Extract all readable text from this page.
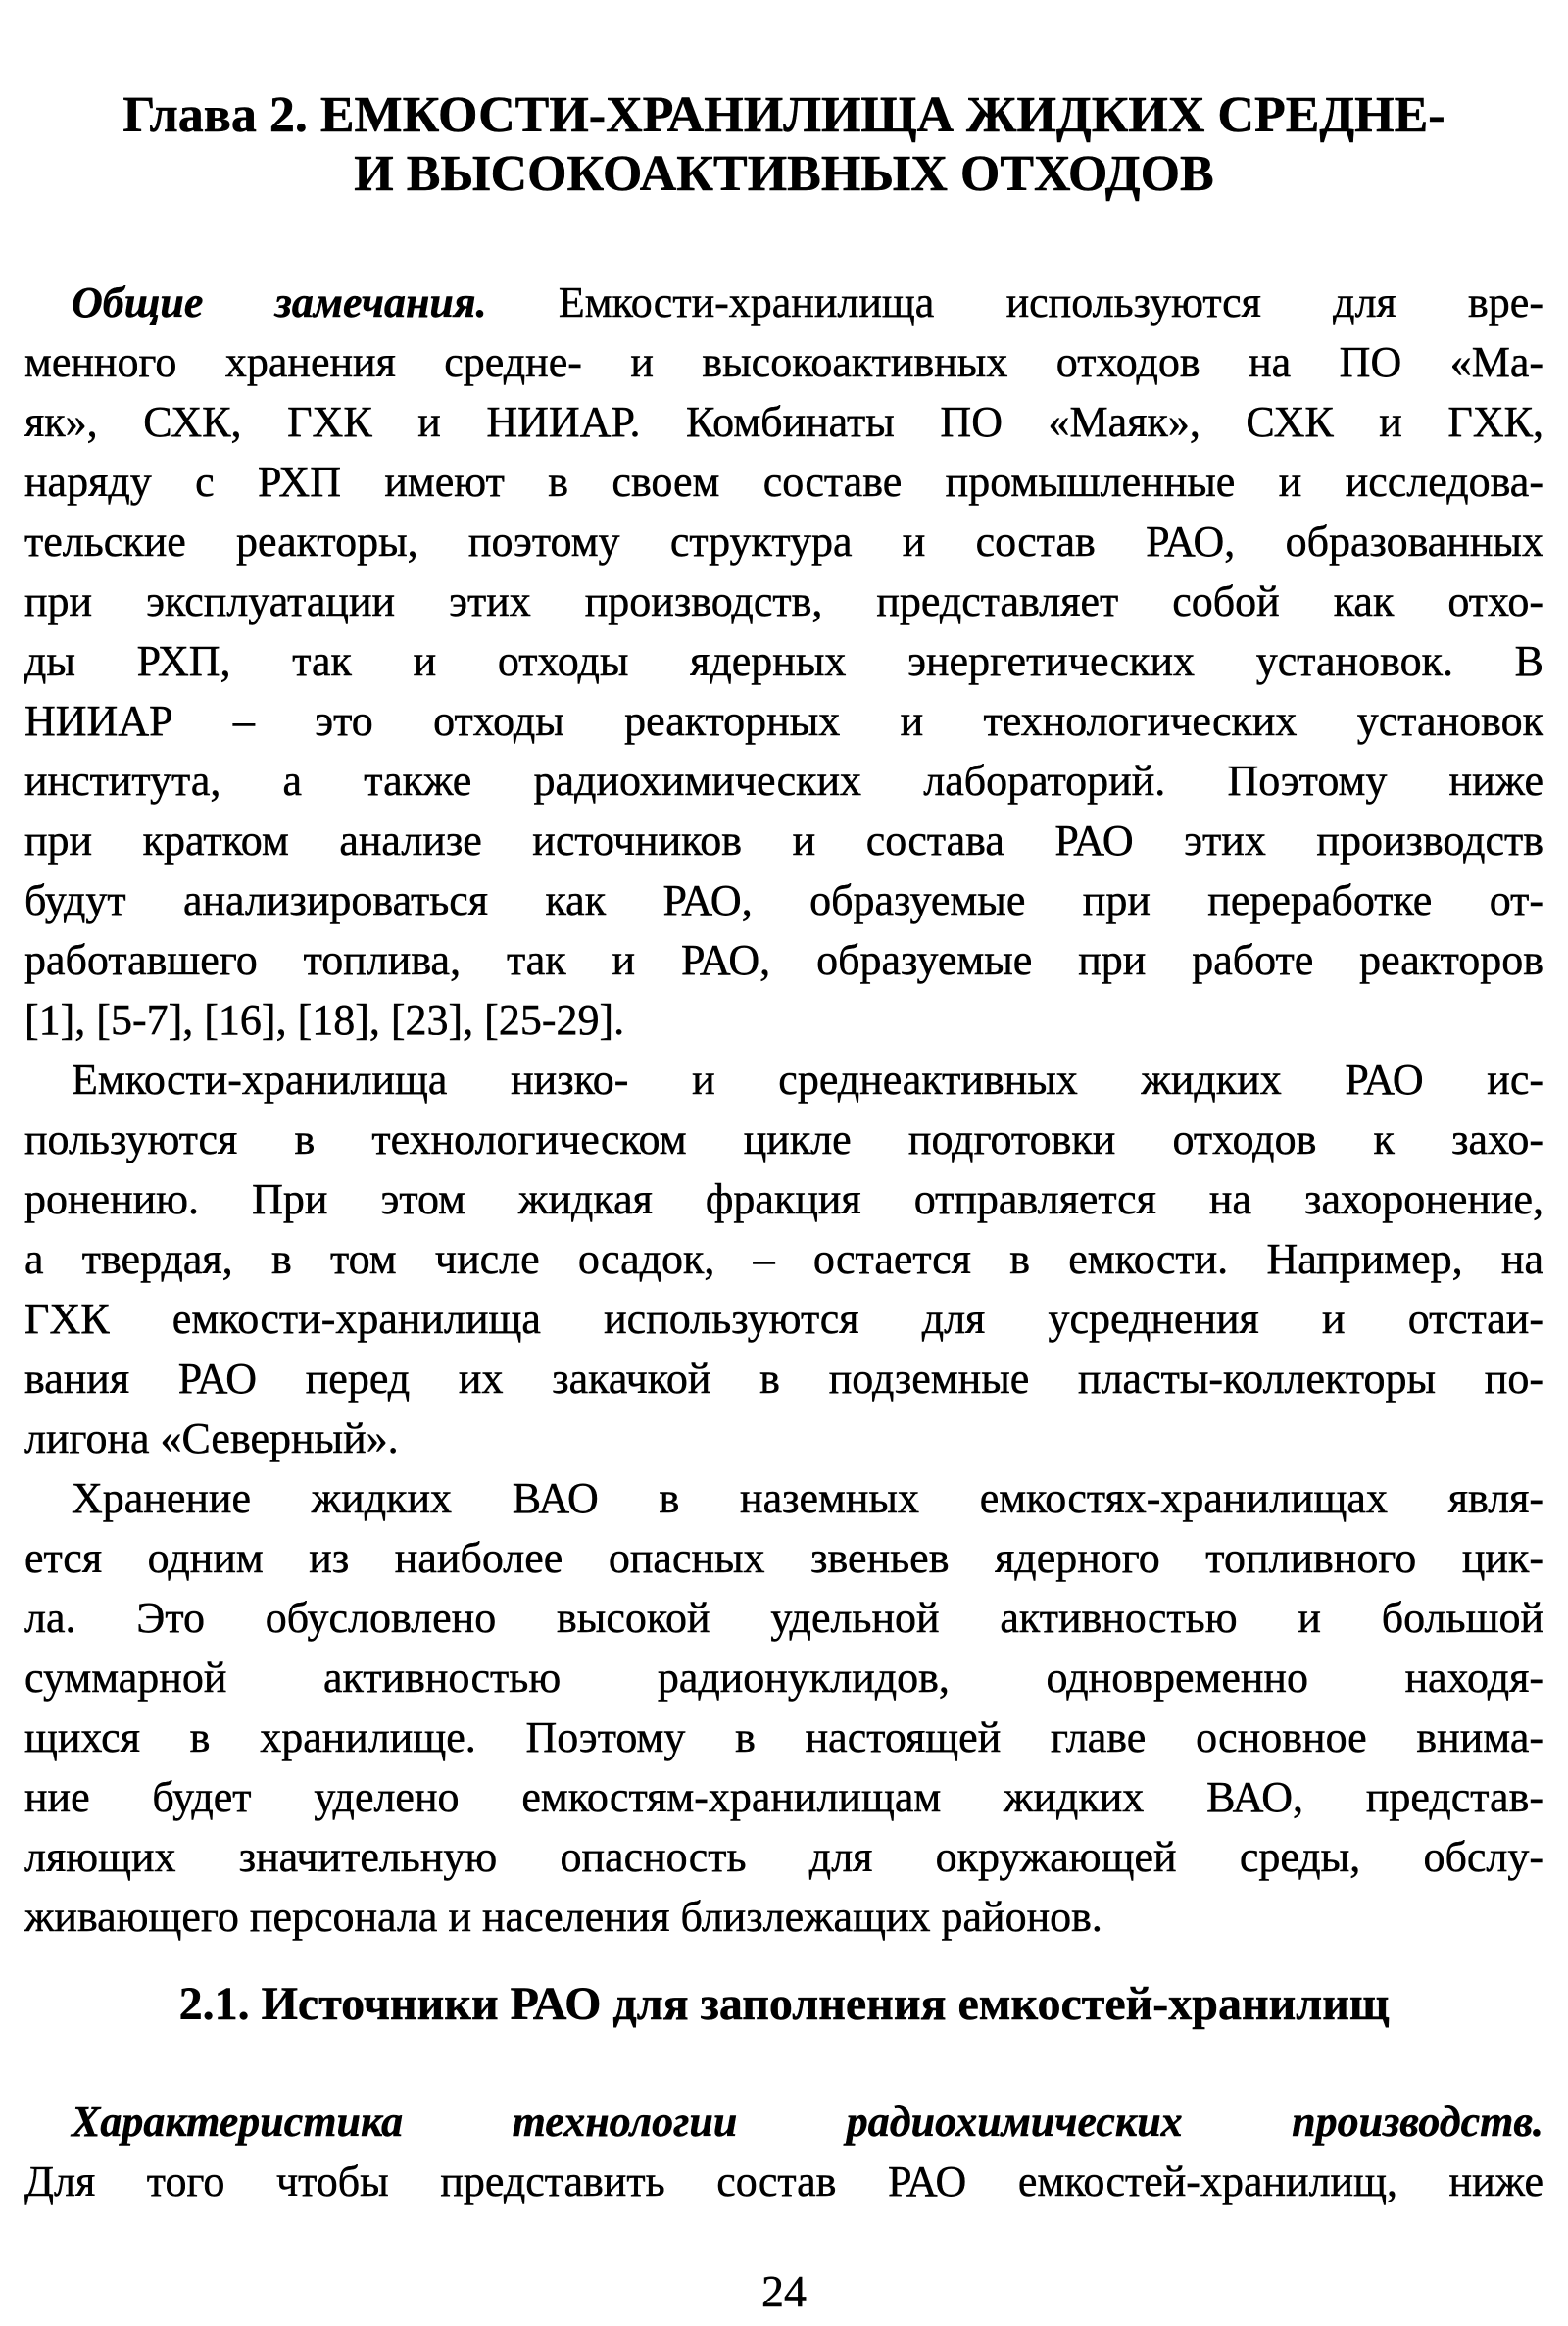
Глава 2. ЕМКОСТИ-ХРАНИЛИЩА ЖИДКИХ СРЕДНЕ-
И ВЫСОКОАКТИВНЫХ ОТХОДОВ
Общие замечания. Емкости-хранилища используются для вре-
менного хранения средне- и высокоактивных отходов на ПО «Ма-
як», СХК, ГХК и НИИАР. Комбинаты ПО «Маяк», СХК и ГХК,
наряду с РХП имеют в своем составе промышленные и исследова-
тельские реакторы, поэтому структура и состав РАО, образованных
при эксплуатации этих производств, представляет собой как отхо-
ды РХП, так и отходы ядерных энергетических установок. В
НИИАР – это отходы реакторных и технологических установок
института, а также радиохимических лабораторий. Поэтому ниже
при кратком анализе источников и состава РАО этих производств
будут анализироваться как РАО, образуемые при переработке от-
работавшего топлива, так и РАО, образуемые при работе реакторов
[1], [5-7], [16], [18], [23], [25-29].
Емкости-хранилища низко- и среднеактивных жидких РАО ис-
пользуются в технологическом цикле подготовки отходов к захо-
ронению. При этом жидкая фракция отправляется на захоронение,
а твердая, в том числе осадок, – остается в емкости. Например, на
ГХК емкости-хранилища используются для усреднения и отстаи-
вания РАО перед их закачкой в подземные пласты-коллекторы по-
лигона «Северный».
Хранение жидких ВАО в наземных емкостях-хранилищах явля-
ется одним из наиболее опасных звеньев ядерного топливного цик-
ла. Это обусловлено высокой удельной активностью и большой
суммарной активностью радионуклидов, одновременно находя-
щихся в хранилище. Поэтому в настоящей главе основное внима-
ние будет уделено емкостям-хранилищам жидких ВАО, представ-
ляющих значительную опасность для окружающей среды, обслу-
живающего персонала и населения близлежащих районов.
2.1. Источники РАО для заполнения емкостей-хранилищ
Характеристика технологии радиохимических производств.
Для того чтобы представить состав РАО емкостей-хранилищ, ниже
24
